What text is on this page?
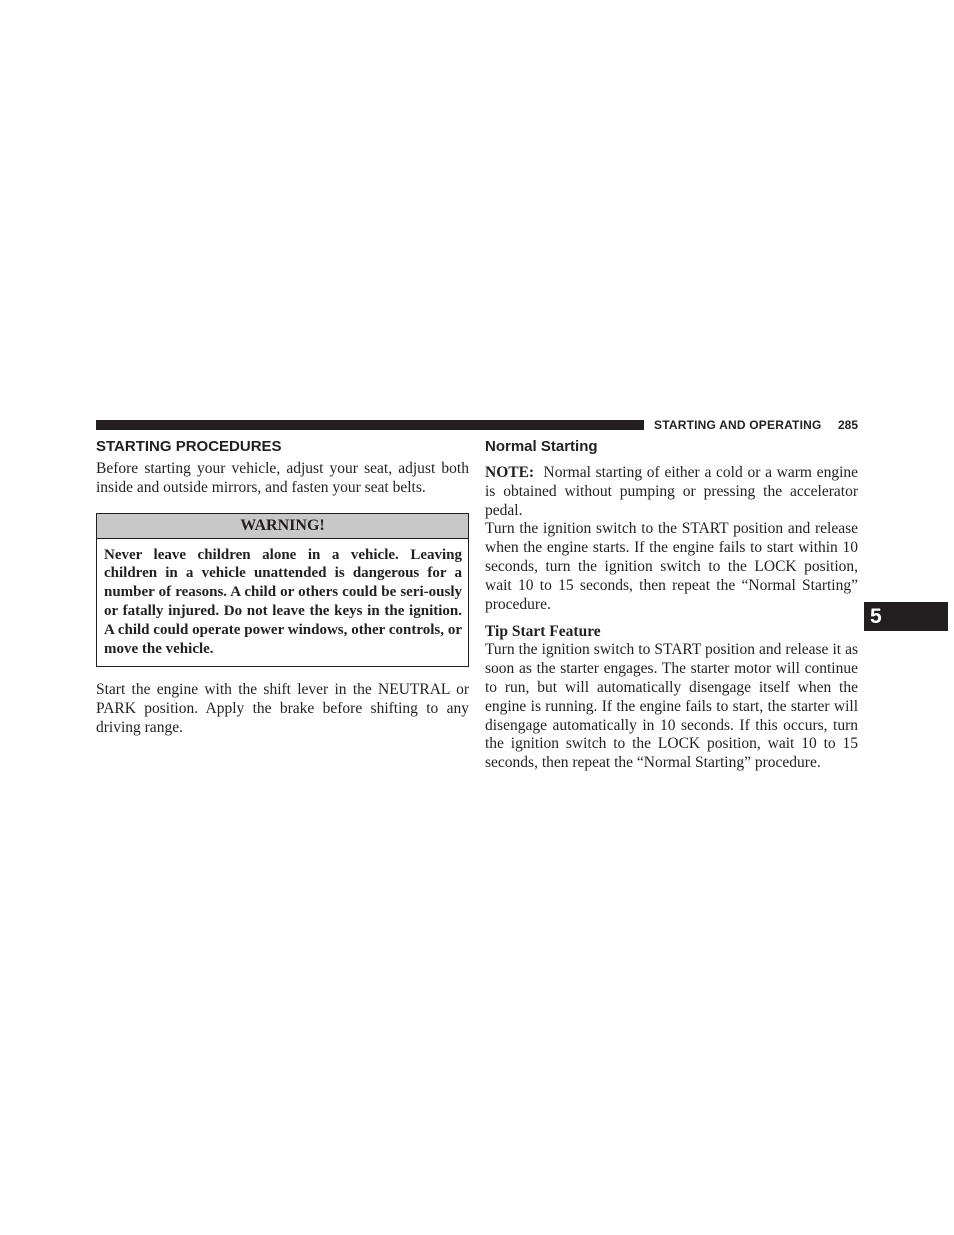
STARTING AND OPERATING 285
STARTING PROCEDURES

Before starting your vehicle, adjust your seat, adjust both inside and outside mirrors, and fasten your seat belts.

WARNING!
Never leave children alone in a vehicle. Leaving children in a vehicle unattended is dangerous for a number of reasons. A child or others could be seri-ously or fatally injured. Do not leave the keys in the ignition. A child could operate power windows, other controls, or move the vehicle.

Start the engine with the shift lever in the NEUTRAL or PARK position. Apply the brake before shifting to any driving range.

Normal Starting

NOTE: Normal starting of either a cold or a warm engine is obtained without pumping or pressing the accelerator pedal.

Turn the ignition switch to the START position and release when the engine starts. If the engine fails to start within 10 seconds, turn the ignition switch to the LOCK position, wait 10 to 15 seconds, then repeat the “Normal Starting” procedure.

Tip Start Feature

Turn the ignition switch to START position and release it as soon as the starter engages. The starter motor will continue to run, but will automatically disengage itself when the engine is running. If the engine fails to start, the starter will disengage automatically in 10 seconds. If this occurs, turn the ignition switch to the LOCK position, wait 10 to 15 seconds, then repeat the “Normal Starting” procedure.

5
